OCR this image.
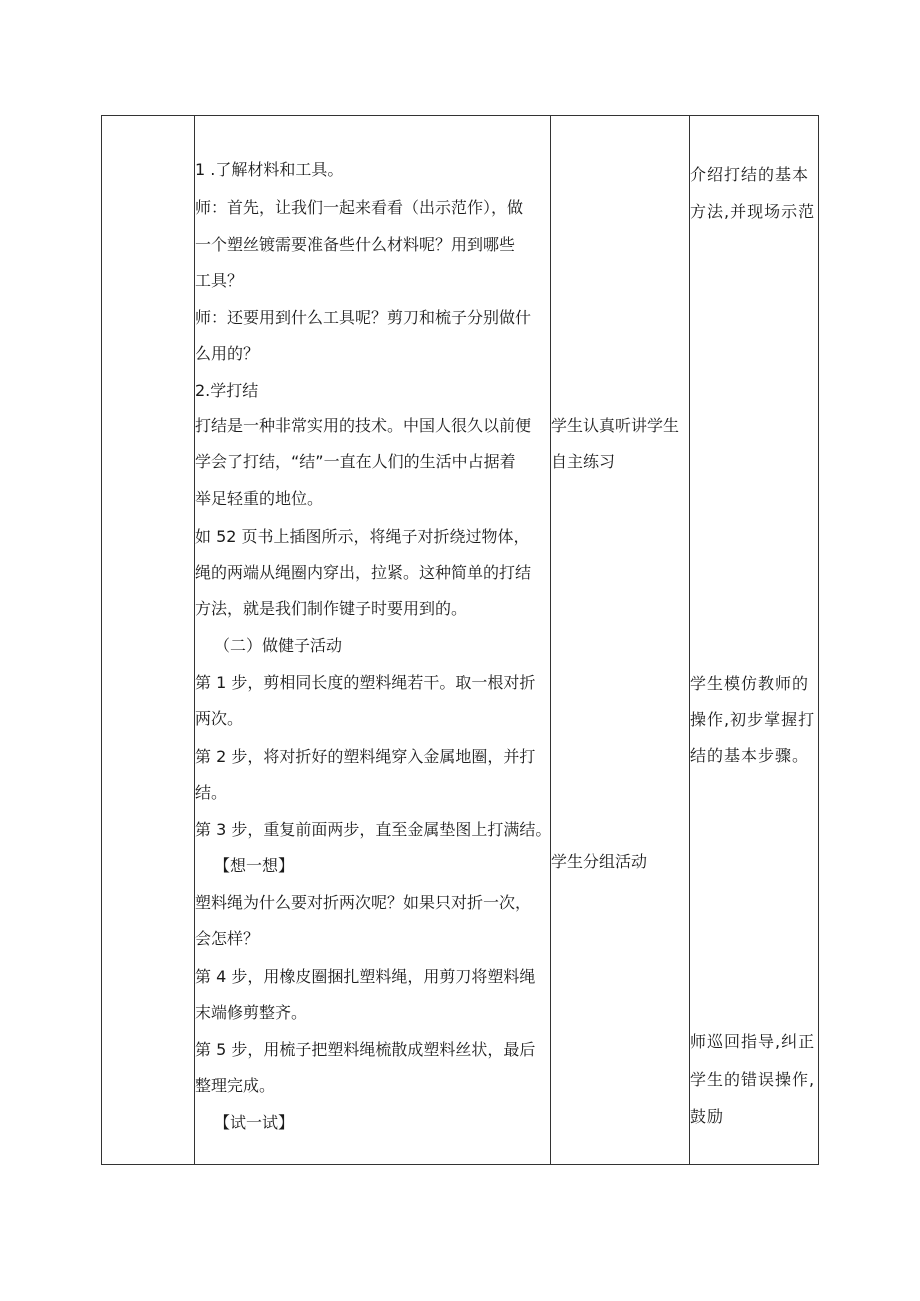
1 .了解材料和工具。
师：首先，让我们一起来看看（出示范作），做
一个塑丝镀需要准备些什么材料呢？用到哪些
工具？
师：还要用到什么工具呢？剪刀和梳子分别做什
么用的？
2.学打结
打结是一种非常实用的技术。中国人很久以前便
学会了打结，“结”一直在人们的生活中占据着
举足轻重的地位。
如 52 页书上插图所示，将绳子对折绕过物体，
绳的两端从绳圈内穿出，拉紧。这种简单的打结
方法，就是我们制作键子时要用到的。
（二）做健子活动
第 1 步，剪相同长度的塑料绳若干。取一根对折
两次。
第 2 步，将对折好的塑料绳穿入金属地圈，并打
结。
第 3 步，重复前面两步，直至金属垫图上打满结。
【想一想】
塑料绳为什么要对折两次呢？如果只对折一次，
会怎样？
第 4 步，用橡皮圈捆扎塑料绳，用剪刀将塑料绳
末端修剪整齐。
第 5 步，用梳子把塑料绳梳散成塑料丝状，最后
整理完成。
【试一试】
学生认真听讲学生
自主练习
学生分组活动
介绍打结的基本
方法,并现场示范
学生模仿教师的
操作,初步掌握打
结的基本步骤。
师巡回指导,纠正
学生的错误操作,
鼓励
